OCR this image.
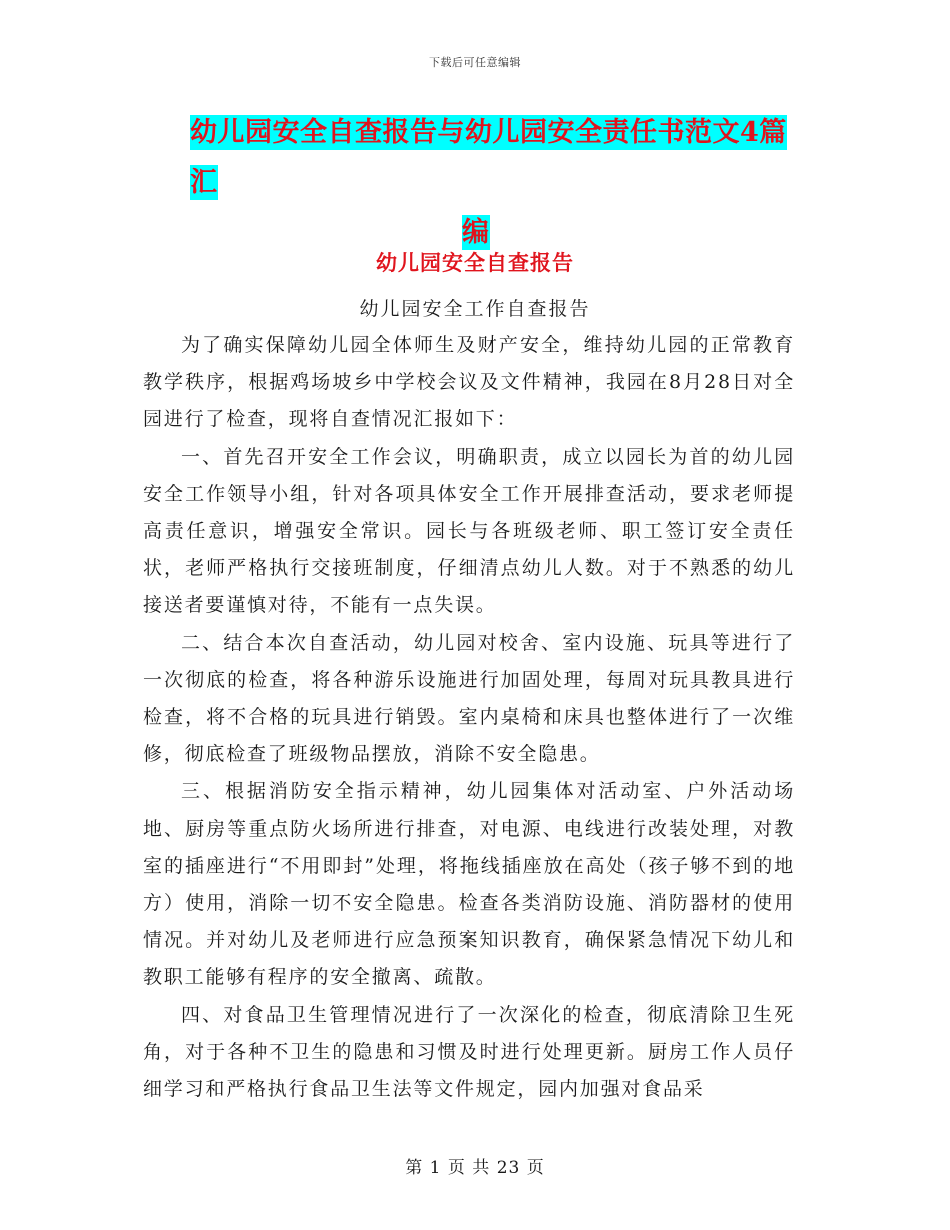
下载后可任意编辑
幼儿园安全自查报告与幼儿园安全责任书范文4篇汇
编
幼儿园安全自查报告
幼儿园安全工作自查报告

为了确实保障幼儿园全体师生及财产安全，维持幼儿园的正常教育教学秩序，根据鸡场坡乡中学校会议及文件精神，我园在8月28日对全园进行了检查，现将自查情况汇报如下：

一、首先召开安全工作会议，明确职责，成立以园长为首的幼儿园安全工作领导小组，针对各项具体安全工作开展排查活动，要求老师提高责任意识，增强安全常识。园长与各班级老师、职工签订安全责任状，老师严格执行交接班制度，仔细清点幼儿人数。对于不熟悉的幼儿接送者要谨慎对待，不能有一点失误。

二、结合本次自查活动，幼儿园对校舍、室内设施、玩具等进行了一次彻底的检查，将各种游乐设施进行加固处理，每周对玩具教具进行检查，将不合格的玩具进行销毁。室内桌椅和床具也整体进行了一次维修，彻底检查了班级物品摆放，消除不安全隐患。

三、根据消防安全指示精神，幼儿园集体对活动室、户外活动场地、厨房等重点防火场所进行排查，对电源、电线进行改装处理，对教室的插座进行“不用即封”处理，将拖线插座放在高处（孩子够不到的地方）使用，消除一切不安全隐患。检查各类消防设施、消防器材的使用情况。并对幼儿及老师进行应急预案知识教育，确保紧急情况下幼儿和教职工能够有程序的安全撤离、疏散。

四、对食品卫生管理情况进行了一次深化的检查，彻底清除卫生死角，对于各种不卫生的隐患和习惯及时进行处理更新。厨房工作人员仔细学习和严格执行食品卫生法等文件规定，园内加强对食品采

第 1 页 共 23 页
